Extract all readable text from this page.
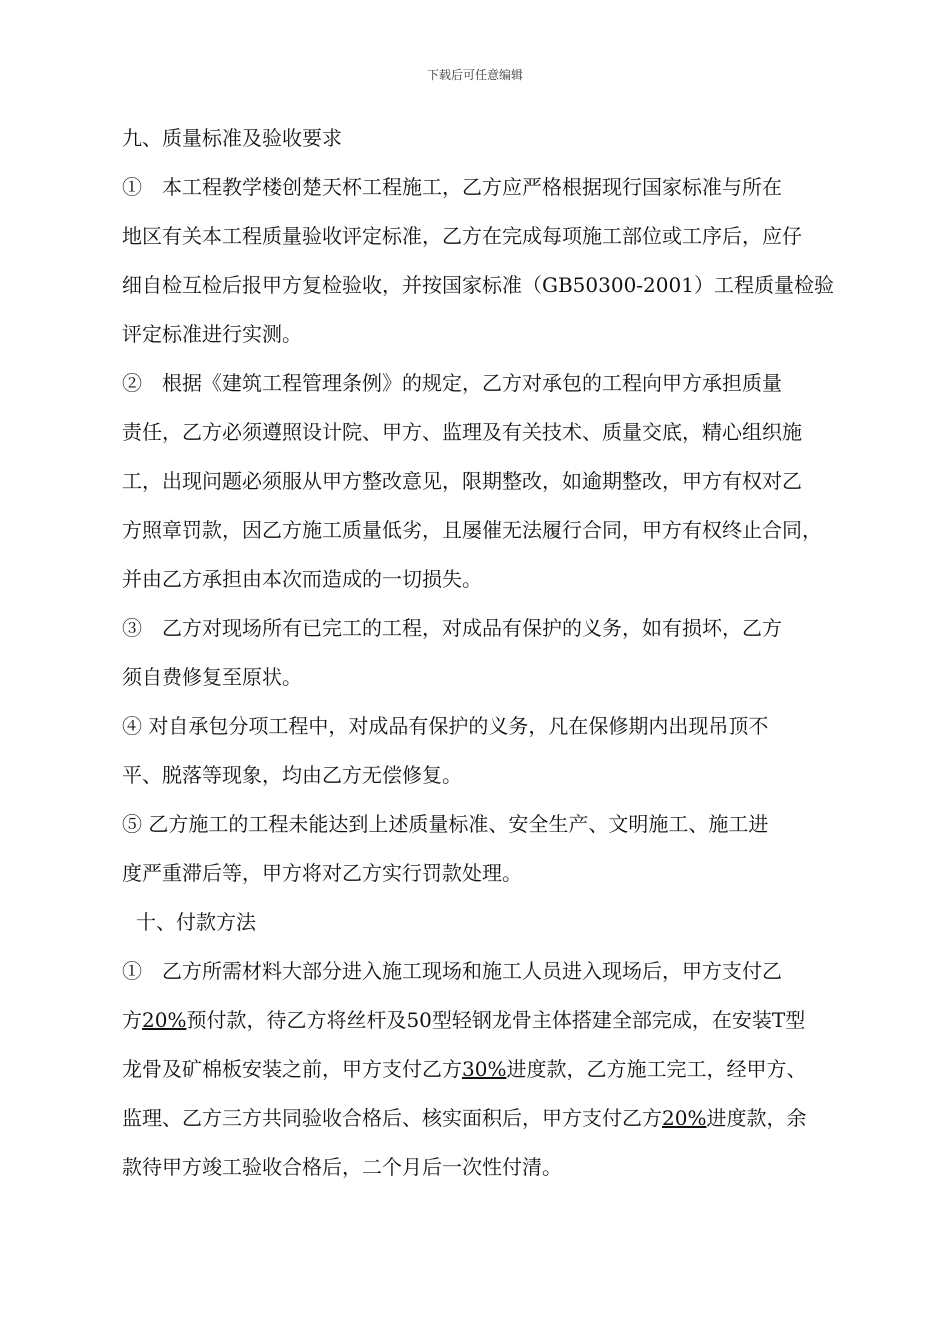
下载后可任意编辑
九、质量标准及验收要求
①　本工程教学楼创楚天杯工程施工，乙方应严格根据现行国家标准与所在
地区有关本工程质量验收评定标准，乙方在完成每项施工部位或工序后，应仔
细自检互检后报甲方复检验收，并按国家标准（GB50300-2001）工程质量检验
评定标准进行实测。
②　根据《建筑工程管理条例》的规定，乙方对承包的工程向甲方承担质量
责任，乙方必须遵照设计院、甲方、监理及有关技术、质量交底，精心组织施
工，出现问题必须服从甲方整改意见，限期整改，如逾期整改，甲方有权对乙
方照章罚款，因乙方施工质量低劣，且屡催无法履行合同，甲方有权终止合同，
并由乙方承担由本次而造成的一切损失。
③　乙方对现场所有已完工的工程，对成品有保护的义务，如有损坏，乙方
须自费修复至原状。
④ 对自承包分项工程中，对成品有保护的义务，凡在保修期内出现吊顶不
平、脱落等现象，均由乙方无偿修复。
⑤ 乙方施工的工程未能达到上述质量标准、安全生产、文明施工、施工进
度严重滞后等，甲方将对乙方实行罚款处理。
十、付款方法
①　乙方所需材料大部分进入施工现场和施工人员进入现场后，甲方支付乙
方20%预付款，待乙方将丝杆及50型轻钢龙骨主体搭建全部完成，在安装T型
龙骨及矿棉板安装之前，甲方支付乙方30%进度款，乙方施工完工，经甲方、
监理、乙方三方共同验收合格后、核实面积后，甲方支付乙方20%进度款，余
款待甲方竣工验收合格后，二个月后一次性付清。
